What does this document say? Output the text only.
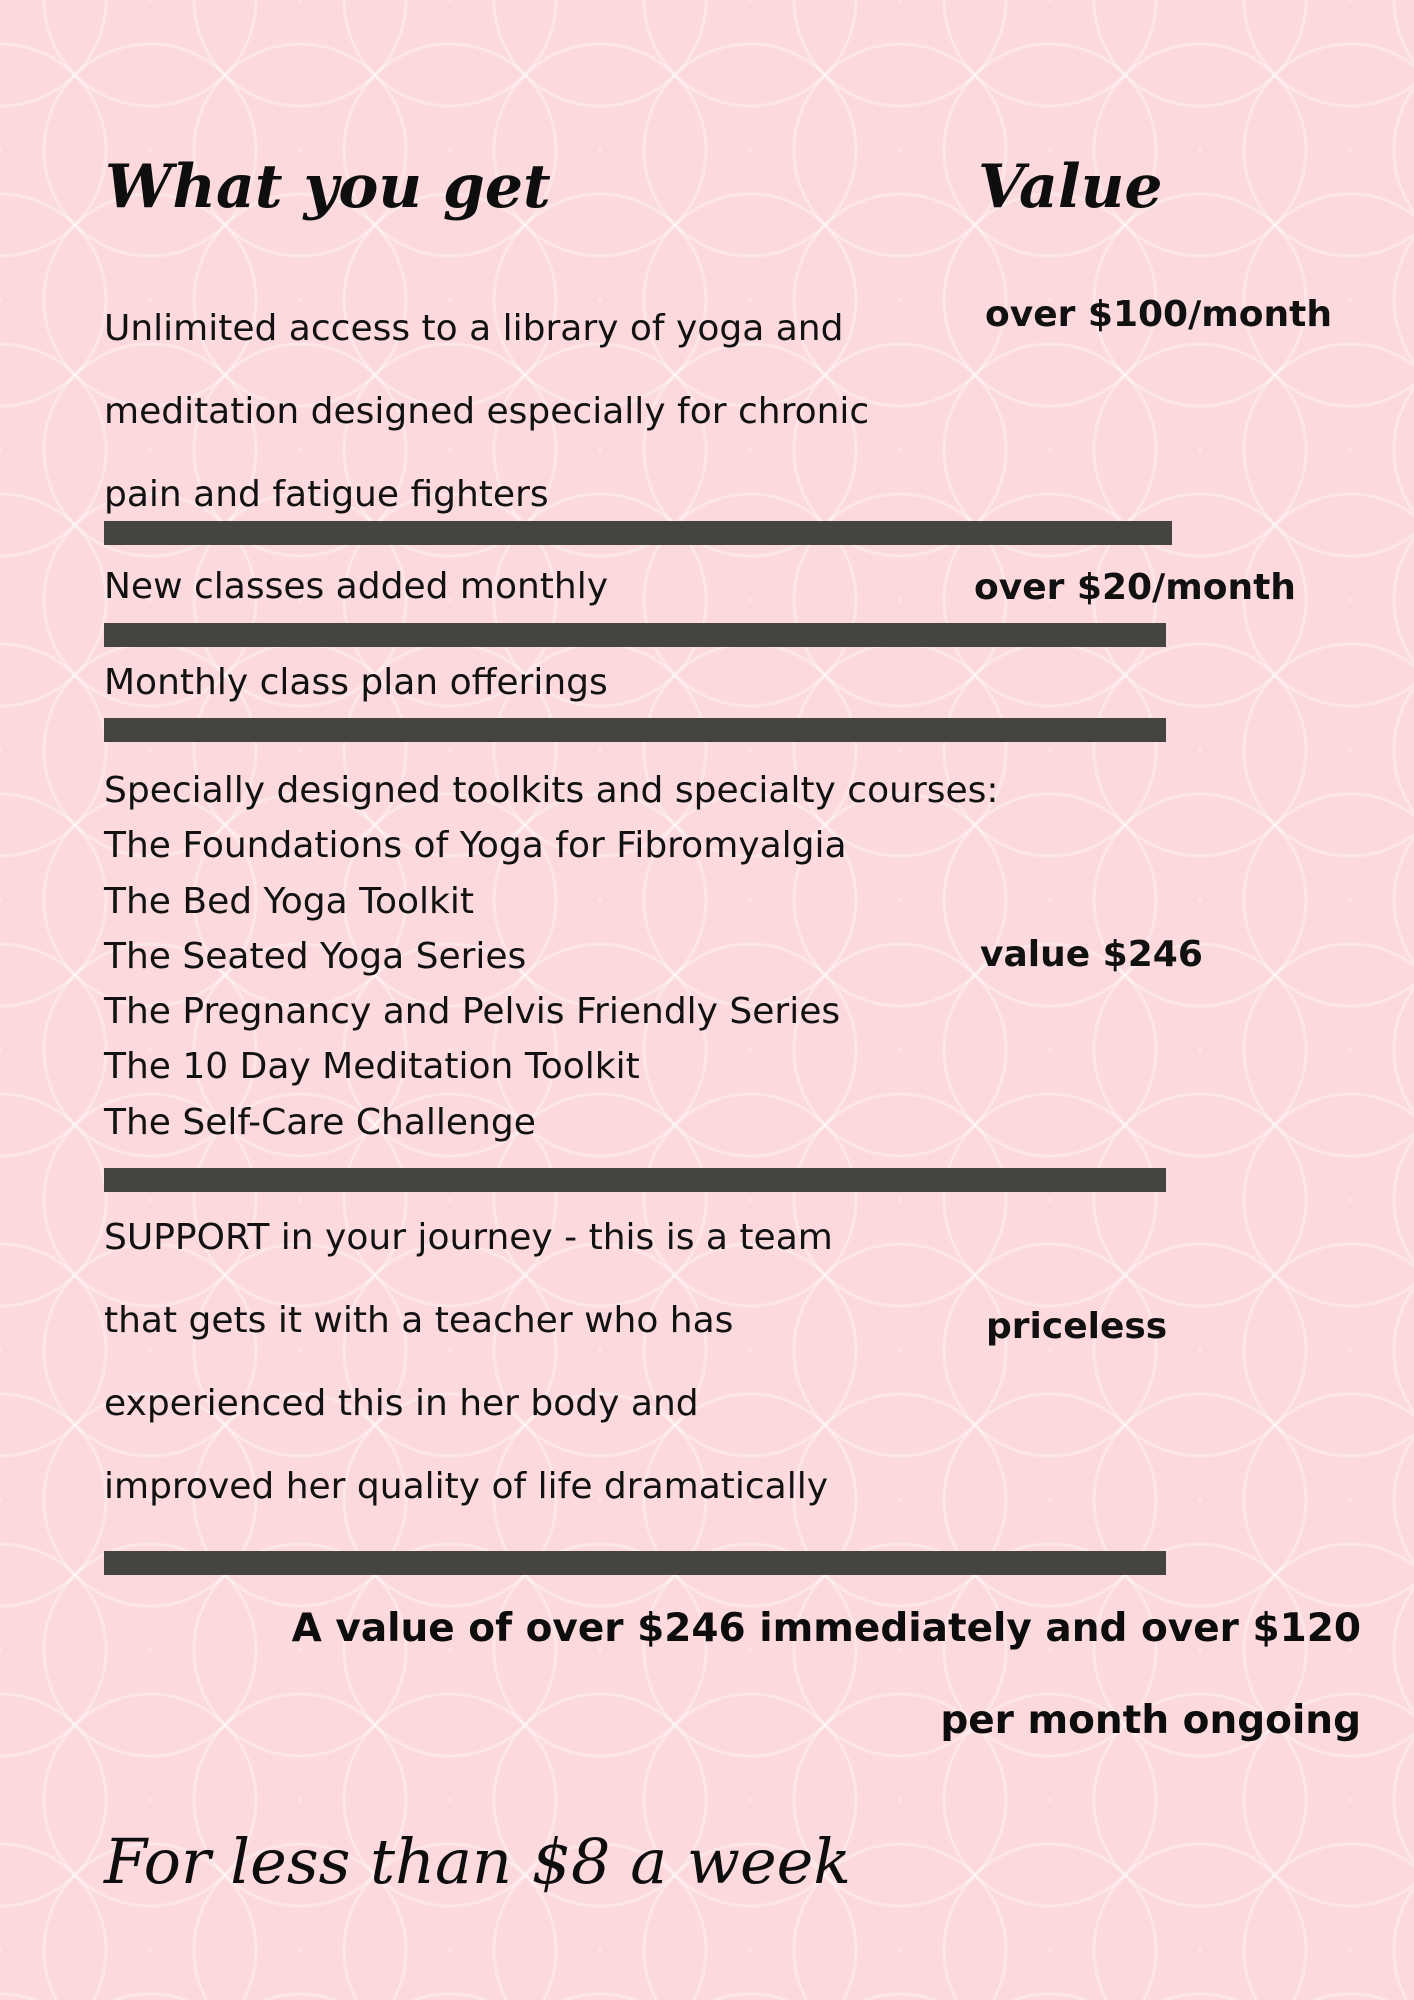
What you get	Value
Unlimited access to a library of yoga and
meditation designed especially for chronic
pain and fatigue fighters
over $100/month
New classes added monthly	over $20/month
Monthly class plan offerings
Specially designed toolkits and specialty courses:
The Foundations of Yoga for Fibromyalgia
The Bed Yoga Toolkit
The Seated Yoga Series
The Pregnancy and Pelvis Friendly Series
The 10 Day Meditation Toolkit
The Self-Care Challenge
value $246
SUPPORT in your journey - this is a team
that gets it with a teacher who has
experienced this in her body and
improved her quality of life dramatically
priceless
A value of over $246 immediately and over $120
per month ongoing
For less than $8 a week
